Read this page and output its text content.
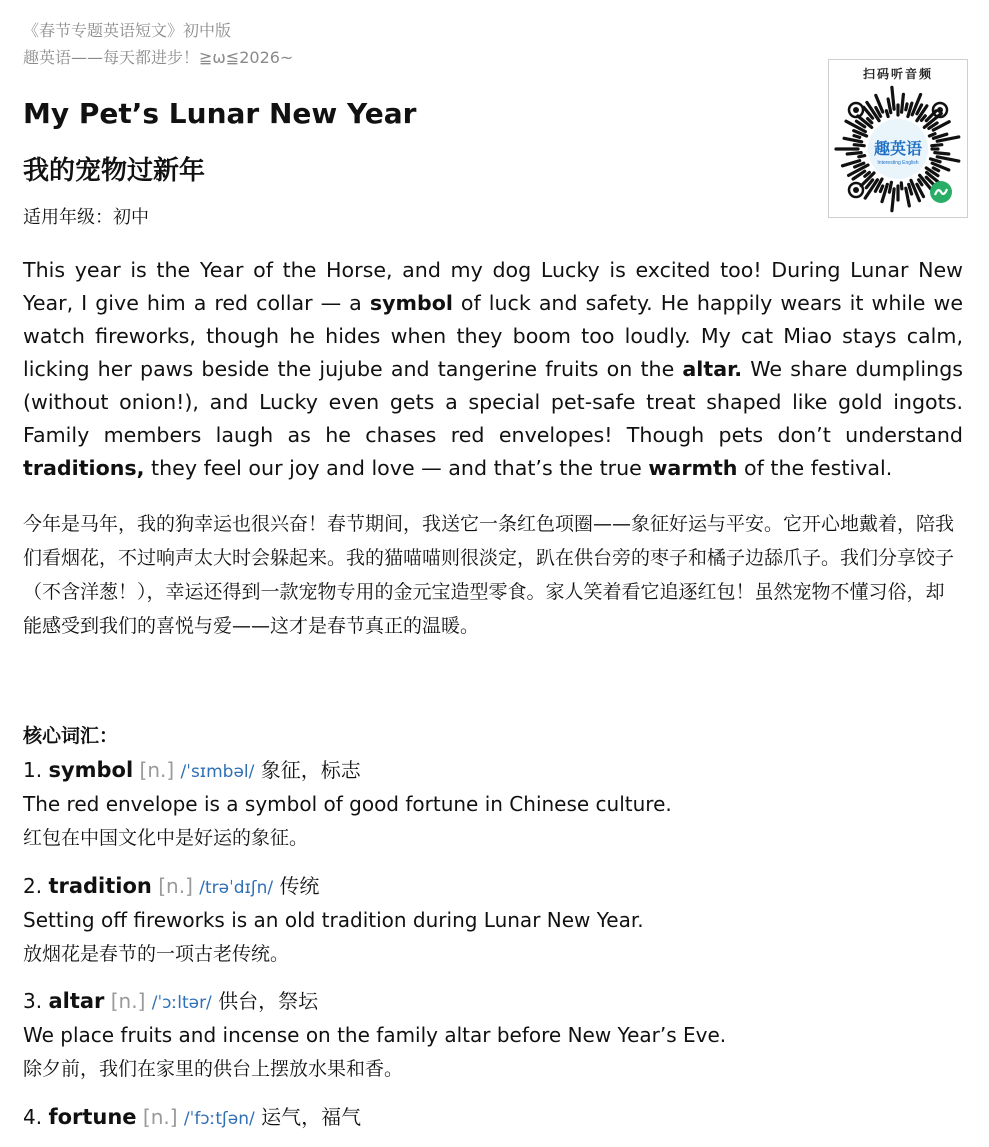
《春节专题英语短文》初中版
趣英语——每天都进步！≧ω≦2026~
扫码听音频
趣英语
Interesting English
My Pet’s Lunar New Year
我的宠物过新年
适用年级：初中

This year is the Year of the Horse, and my dog Lucky is excited too! During Lunar New Year, I give him a red collar — a symbol of luck and safety. He happily wears it while we watch fireworks, though he hides when they boom too loudly. My cat Miao stays calm, licking her paws beside the jujube and tangerine fruits on the altar. We share dumplings (without onion!), and Lucky even gets a special pet-safe treat shaped like gold ingots. Family members laugh as he chases red envelopes! Though pets don’t understand traditions, they feel our joy and love — and that’s the true warmth of the festival.

今年是马年，我的狗幸运也很兴奋！春节期间，我送它一条红色项圈——象征好运与平安。它开心地戴着，陪我们看烟花，不过响声太大时会躲起来。我的猫喵喵则很淡定，趴在供台旁的枣子和橘子边舔爪子。我们分享饺子（不含洋葱！），幸运还得到一款宠物专用的金元宝造型零食。家人笑着看它追逐红包！虽然宠物不懂习俗，却能感受到我们的喜悦与爱——这才是春节真正的温暖。

核心词汇：
1. symbol [n.] /ˈsɪmbəl/ 象征，标志
The red envelope is a symbol of good fortune in Chinese culture.
红包在中国文化中是好运的象征。
2. tradition [n.] /trəˈdɪʃn/ 传统
Setting off fireworks is an old tradition during Lunar New Year.
放烟花是春节的一项古老传统。
3. altar [n.] /ˈɔːltər/ 供台，祭坛
We place fruits and incense on the family altar before New Year’s Eve.
除夕前，我们在家里的供台上摆放水果和香。
4. fortune [n.] /ˈfɔːtʃən/ 运气，福气
